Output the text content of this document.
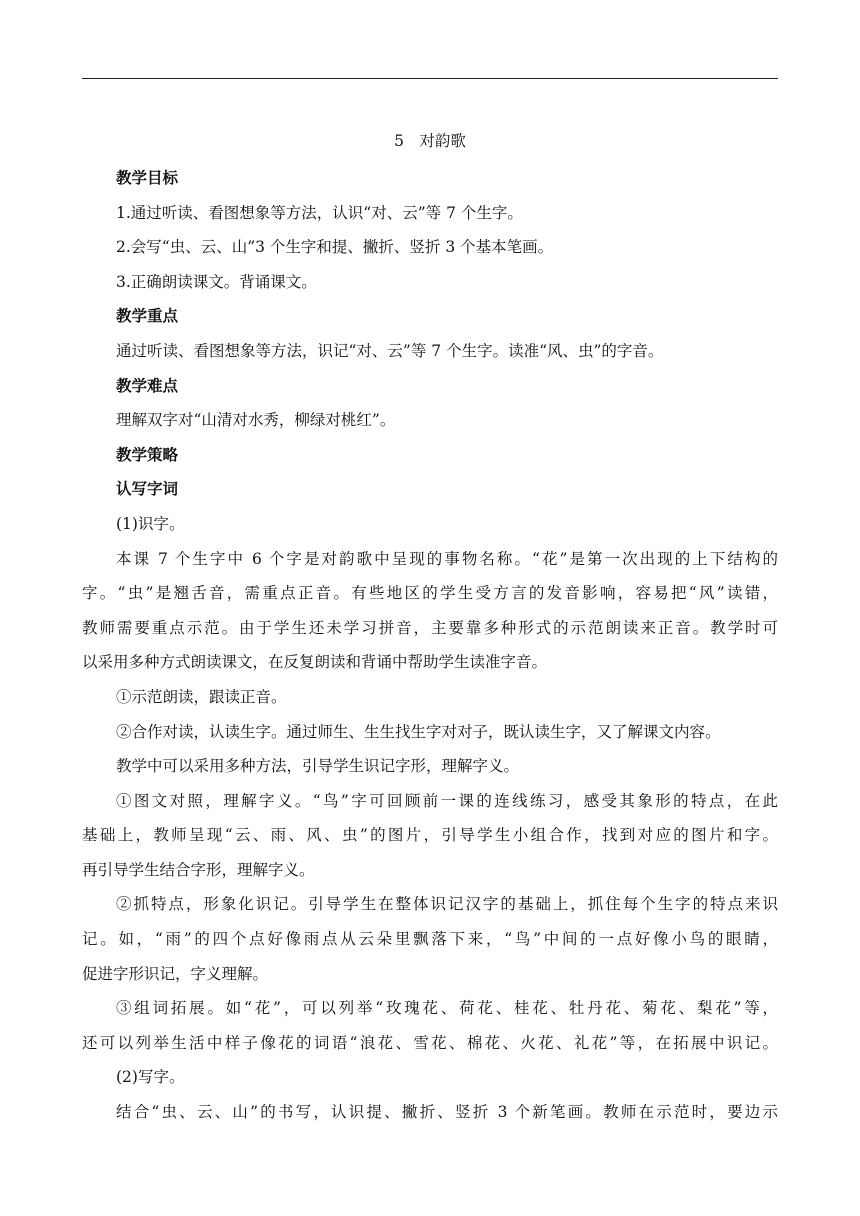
5　对韵歌

教学目标

1.通过听读、看图想象等方法，认识“对、云”等 7 个生字。

2.会写“虫、云、山”3 个生字和提、撇折、竖折 3 个基本笔画。

3.正确朗读课文。背诵课文。

教学重点

通过听读、看图想象等方法，识记“对、云”等 7 个生字。读准“风、虫”的字音。

教学难点

理解双字对“山清对水秀，柳绿对桃红”。

教学策略

认写字词

(1)识字。

本课 7 个生字中 6 个字是对韵歌中呈现的事物名称。“花”是第一次出现的上下结构的

字。“虫”是翘舌音，需重点正音。有些地区的学生受方言的发音影响，容易把“风”读错，

教师需要重点示范。由于学生还未学习拼音，主要靠多种形式的示范朗读来正音。教学时可

以采用多种方式朗读课文，在反复朗读和背诵中帮助学生读准字音。

①示范朗读，跟读正音。

②合作对读，认读生字。通过师生、生生找生字对对子，既认读生字，又了解课文内容。

教学中可以采用多种方法，引导学生识记字形，理解字义。

①图文对照，理解字义。“鸟”字可回顾前一课的连线练习，感受其象形的特点，在此

基础上，教师呈现“云、雨、风、虫”的图片，引导学生小组合作，找到对应的图片和字。

再引导学生结合字形，理解字义。

②抓特点，形象化识记。引导学生在整体识记汉字的基础上，抓住每个生字的特点来识

记。如，“雨”的四个点好像雨点从云朵里飘落下来，“鸟”中间的一点好像小鸟的眼睛，

促进字形识记，字义理解。

③组词拓展。如“花”，可以列举“玫瑰花、荷花、桂花、牡丹花、菊花、梨花”等，

还可以列举生活中样子像花的词语“浪花、雪花、棉花、火花、礼花”等，在拓展中识记。

(2)写字。

结合“虫、云、山”的书写，认识提、撇折、竖折 3 个新笔画。教师在示范时，要边示
